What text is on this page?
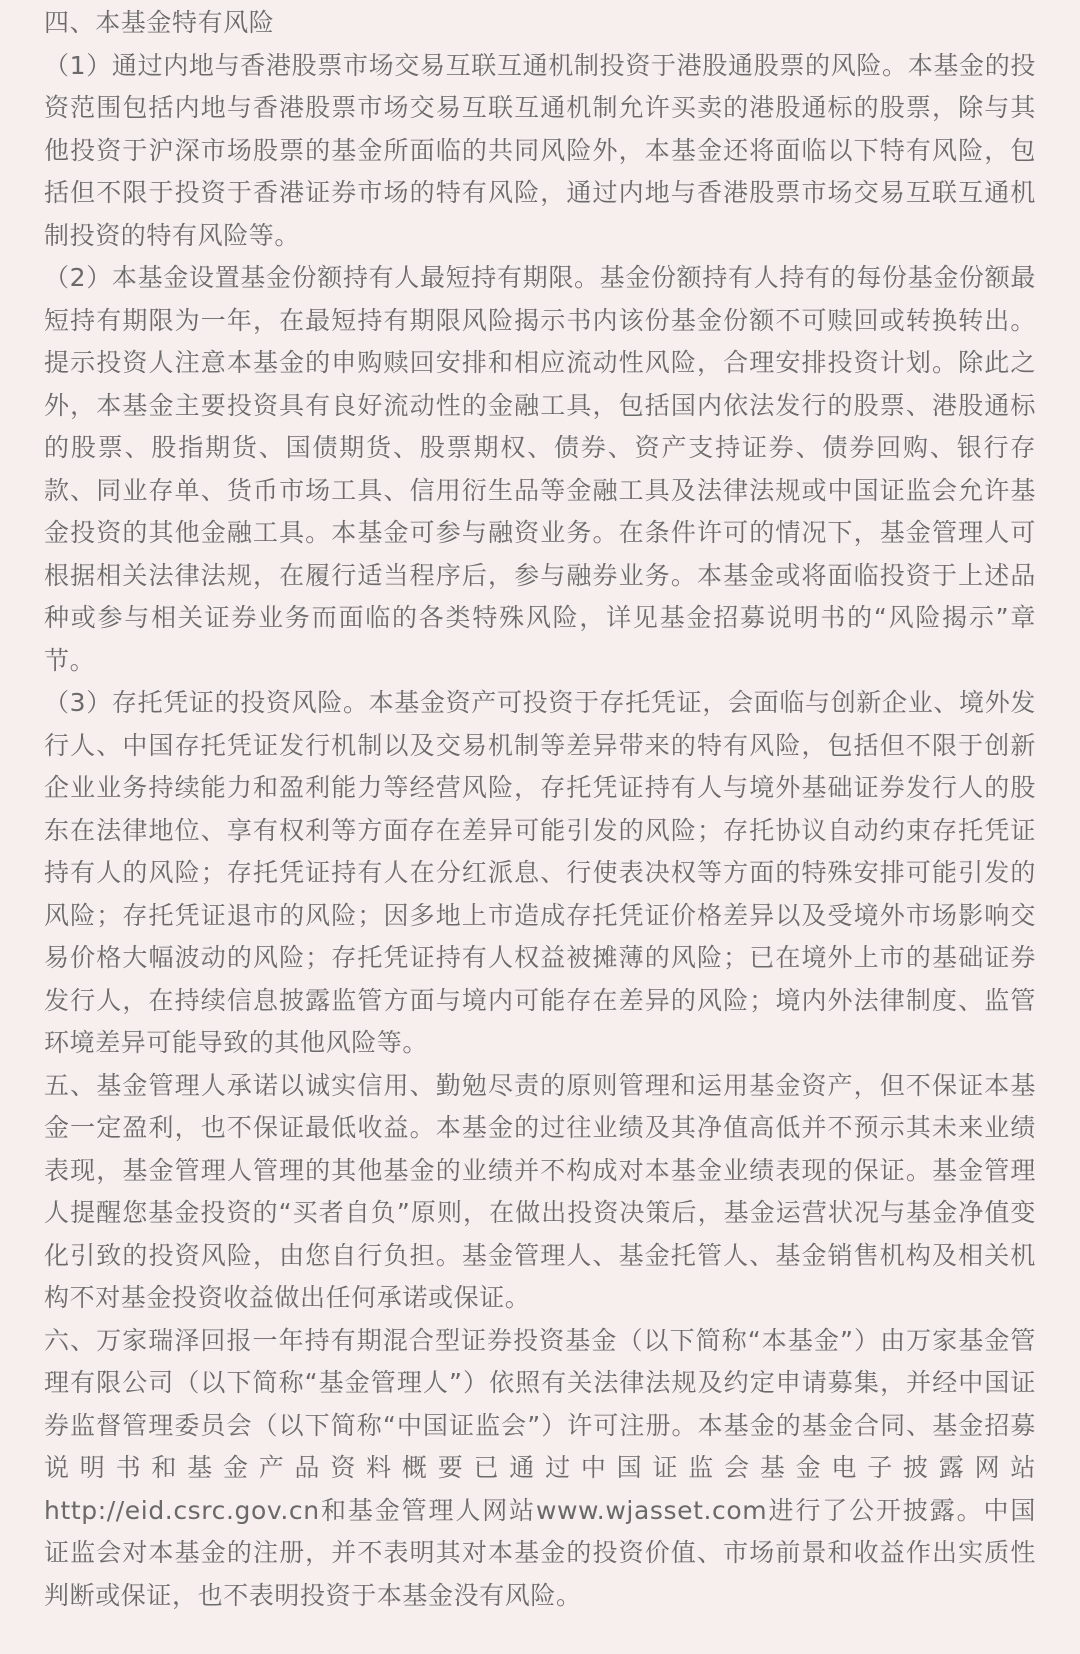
四、本基金特有风险

（1）通过内地与香港股票市场交易互联互通机制投资于港股通股票的风险。本基金的投资范围包括内地与香港股票市场交易互联互通机制允许买卖的港股通标的股票，除与其他投资于沪深市场股票的基金所面临的共同风险外，本基金还将面临以下特有风险，包括但不限于投资于香港证券市场的特有风险，通过内地与香港股票市场交易互联互通机制投资的特有风险等。

（2）本基金设置基金份额持有人最短持有期限。基金份额持有人持有的每份基金份额最短持有期限为一年，在最短持有期限风险揭示书内该份基金份额不可赎回或转换转出。提示投资人注意本基金的申购赎回安排和相应流动性风险，合理安排投资计划。除此之外，本基金主要投资具有良好流动性的金融工具，包括国内依法发行的股票、港股通标的股票、股指期货、国债期货、股票期权、债券、资产支持证券、债券回购、银行存款、同业存单、货币市场工具、信用衍生品等金融工具及法律法规或中国证监会允许基金投资的其他金融工具。本基金可参与融资业务。在条件许可的情况下，基金管理人可根据相关法律法规，在履行适当程序后，参与融券业务。本基金或将面临投资于上述品种或参与相关证券业务而面临的各类特殊风险，详见基金招募说明书的“风险揭示”章节。

（3）存托凭证的投资风险。本基金资产可投资于存托凭证，会面临与创新企业、境外发行人、中国存托凭证发行机制以及交易机制等差异带来的特有风险，包括但不限于创新企业业务持续能力和盈利能力等经营风险，存托凭证持有人与境外基础证券发行人的股东在法律地位、享有权利等方面存在差异可能引发的风险；存托协议自动约束存托凭证持有人的风险；存托凭证持有人在分红派息、行使表决权等方面的特殊安排可能引发的风险；存托凭证退市的风险；因多地上市造成存托凭证价格差异以及受境外市场影响交易价格大幅波动的风险；存托凭证持有人权益被摊薄的风险；已在境外上市的基础证券发行人，在持续信息披露监管方面与境内可能存在差异的风险；境内外法律制度、监管环境差异可能导致的其他风险等。

五、基金管理人承诺以诚实信用、勤勉尽责的原则管理和运用基金资产，但不保证本基金一定盈利，也不保证最低收益。本基金的过往业绩及其净值高低并不预示其未来业绩表现，基金管理人管理的其他基金的业绩并不构成对本基金业绩表现的保证。基金管理人提醒您基金投资的“买者自负”原则，在做出投资决策后，基金运营状况与基金净值变化引致的投资风险，由您自行负担。基金管理人、基金托管人、基金销售机构及相关机构不对基金投资收益做出任何承诺或保证。

六、万家瑞泽回报一年持有期混合型证券投资基金（以下简称“本基金”）由万家基金管理有限公司（以下简称“基金管理人”）依照有关法律法规及约定申请募集，并经中国证券监督管理委员会（以下简称“中国证监会”）许可注册。本基金的基金合同、基金招募说明书和基金产品资料概要已通过中国证监会基金电子披露网站http://eid.csrc.gov.cn和基金管理人网站www.wjasset.com进行了公开披露。中国证监会对本基金的注册，并不表明其对本基金的投资价值、市场前景和收益作出实质性判断或保证，也不表明投资于本基金没有风险。
